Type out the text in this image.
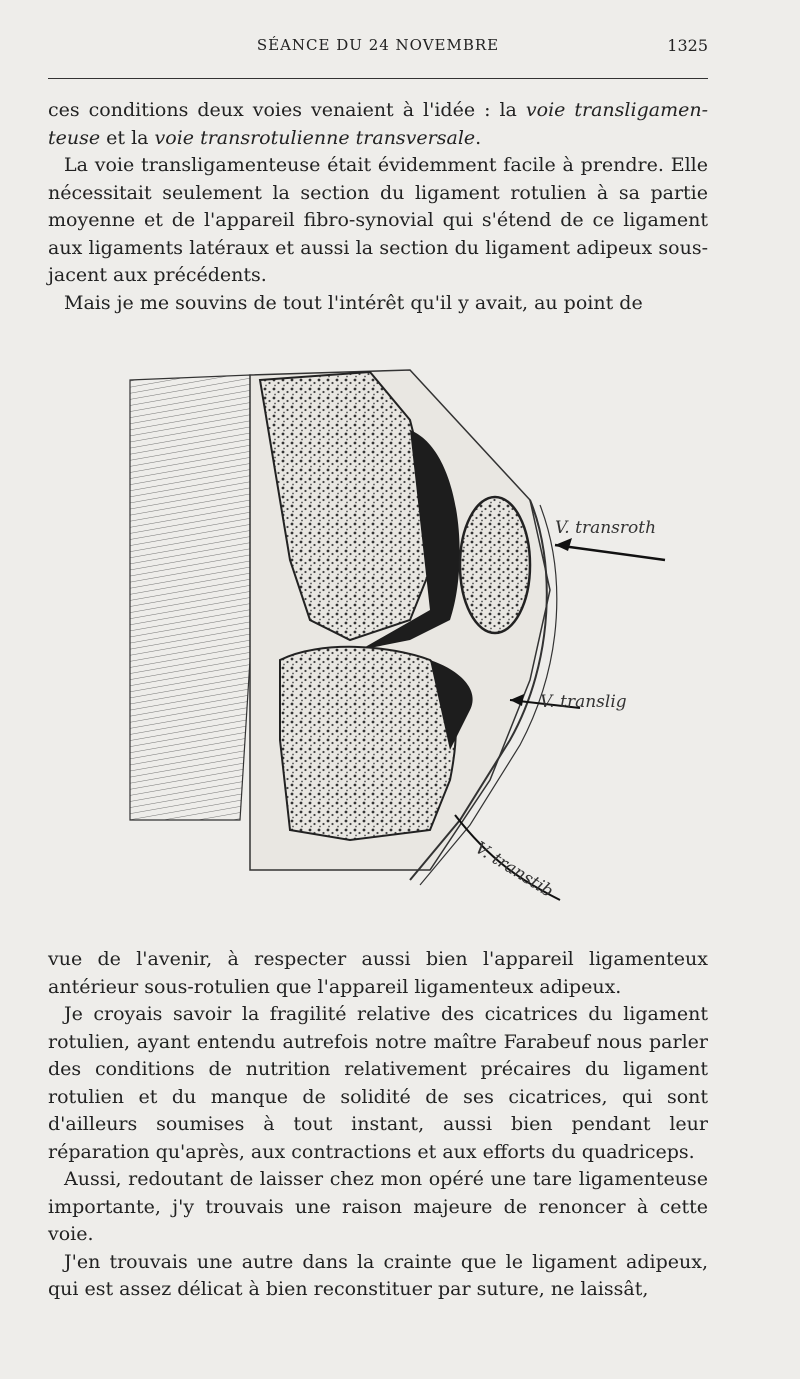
SÉANCE DU 24 NOVEMBRE	1325

ces conditions deux voies venaient à l'idée : la voie transligamen-teuse et la voie transrotulienne transversale.

La voie transligamenteuse était évidemment facile à prendre. Elle nécessitait seulement la section du ligament rotulien à sa partie moyenne et de l'appareil fibro-synovial qui s'étend de ce ligament aux ligaments latéraux et aussi la section du ligament adipeux sous-jacent aux précédents.

Mais je me souvins de tout l'intérêt qu'il y avait, au point de

V. transroth
V. translig
V. transtib

vue de l'avenir, à respecter aussi bien l'appareil ligamenteux antérieur sous-rotulien que l'appareil ligamenteux adipeux.

Je croyais savoir la fragilité relative des cicatrices du ligament rotulien, ayant entendu autrefois notre maître Farabeuf nous parler des conditions de nutrition relativement précaires du ligament rotulien et du manque de solidité de ses cicatrices, qui sont d'ailleurs soumises à tout instant, aussi bien pendant leur réparation qu'après, aux contractions et aux efforts du quadriceps.

Aussi, redoutant de laisser chez mon opéré une tare ligamenteuse importante, j'y trouvais une raison majeure de renoncer à cette voie.

J'en trouvais une autre dans la crainte que le ligament adipeux, qui est assez délicat à bien reconstituer par suture, ne laissât,
